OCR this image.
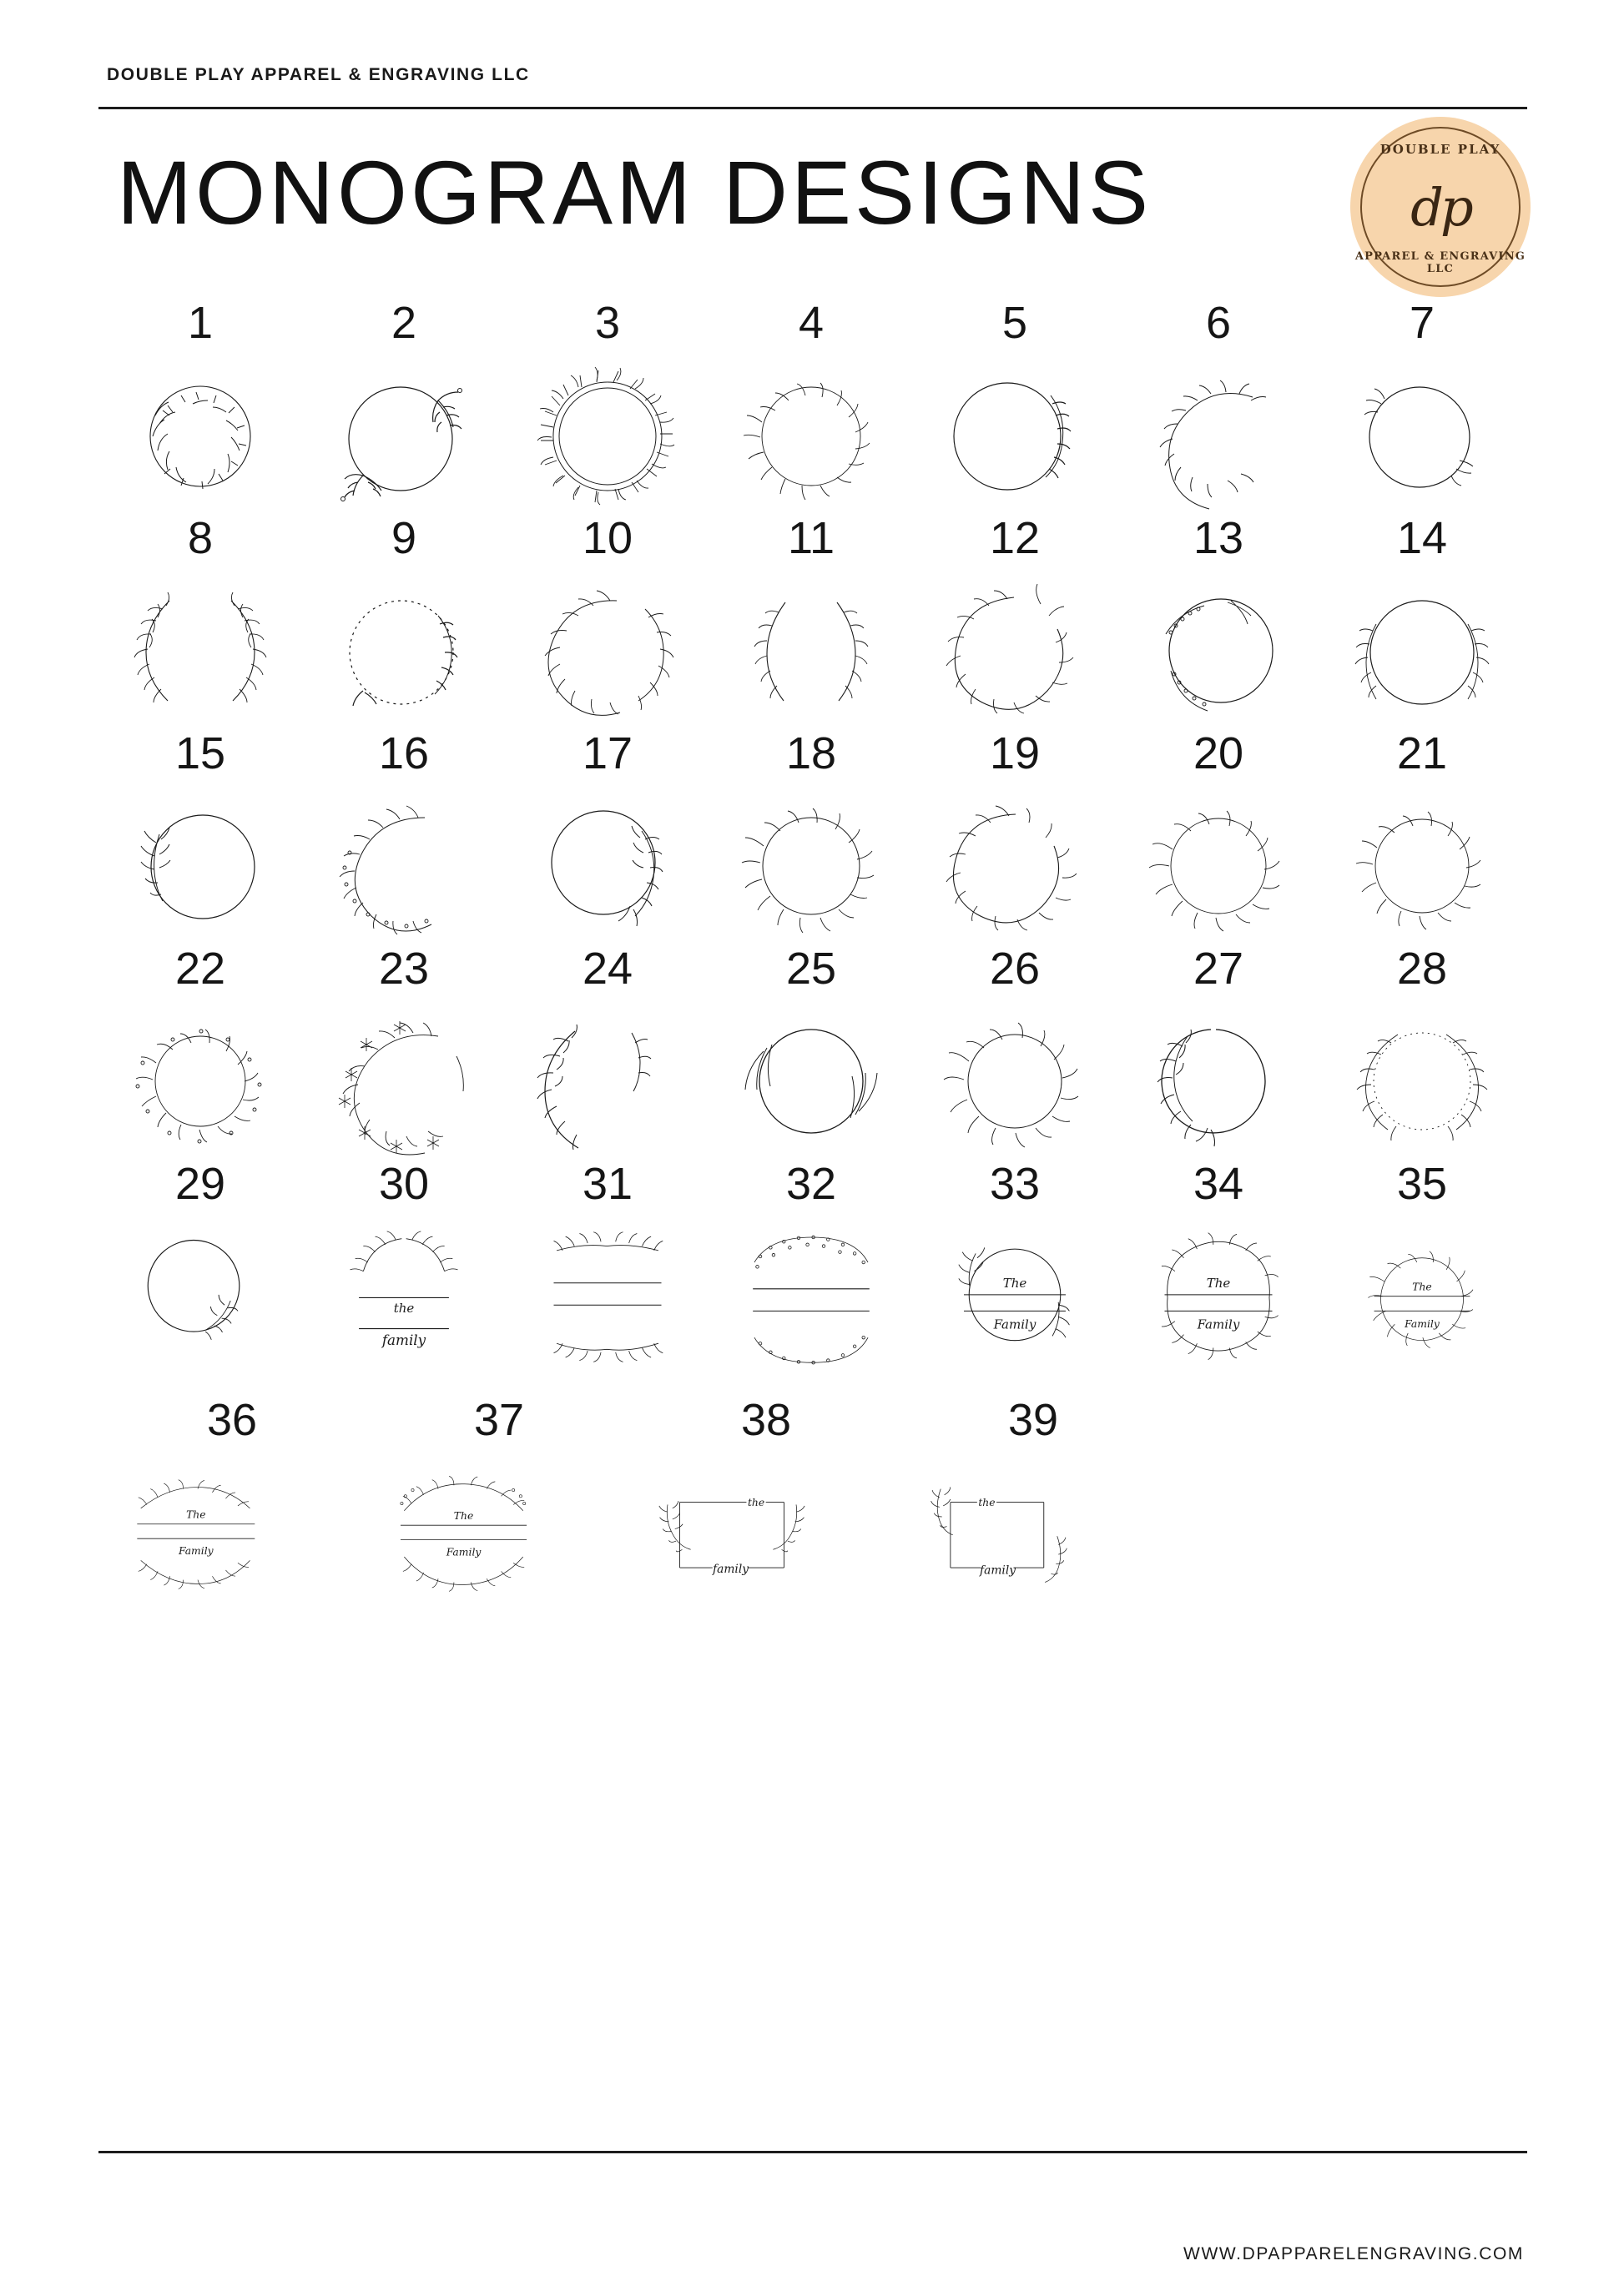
DOUBLE PLAY APPAREL & ENGRAVING LLC
MONOGRAM DESIGNS	DOUBLE PLAY
dp
APPAREL & ENGRAVING LLC
1	2	3	4	5	6	7
8	9	10	11	12	13	14
15	16	17	18	19	20	21
22	23	24	25	26	27	28
29	30
the
family
31	32	33
The
Family
34
The
Family
35
The
Family
36
The
Family
37
The
Family
38
the
family
39
the
family
WWW.DPAPPARELENGRAVING.COM
